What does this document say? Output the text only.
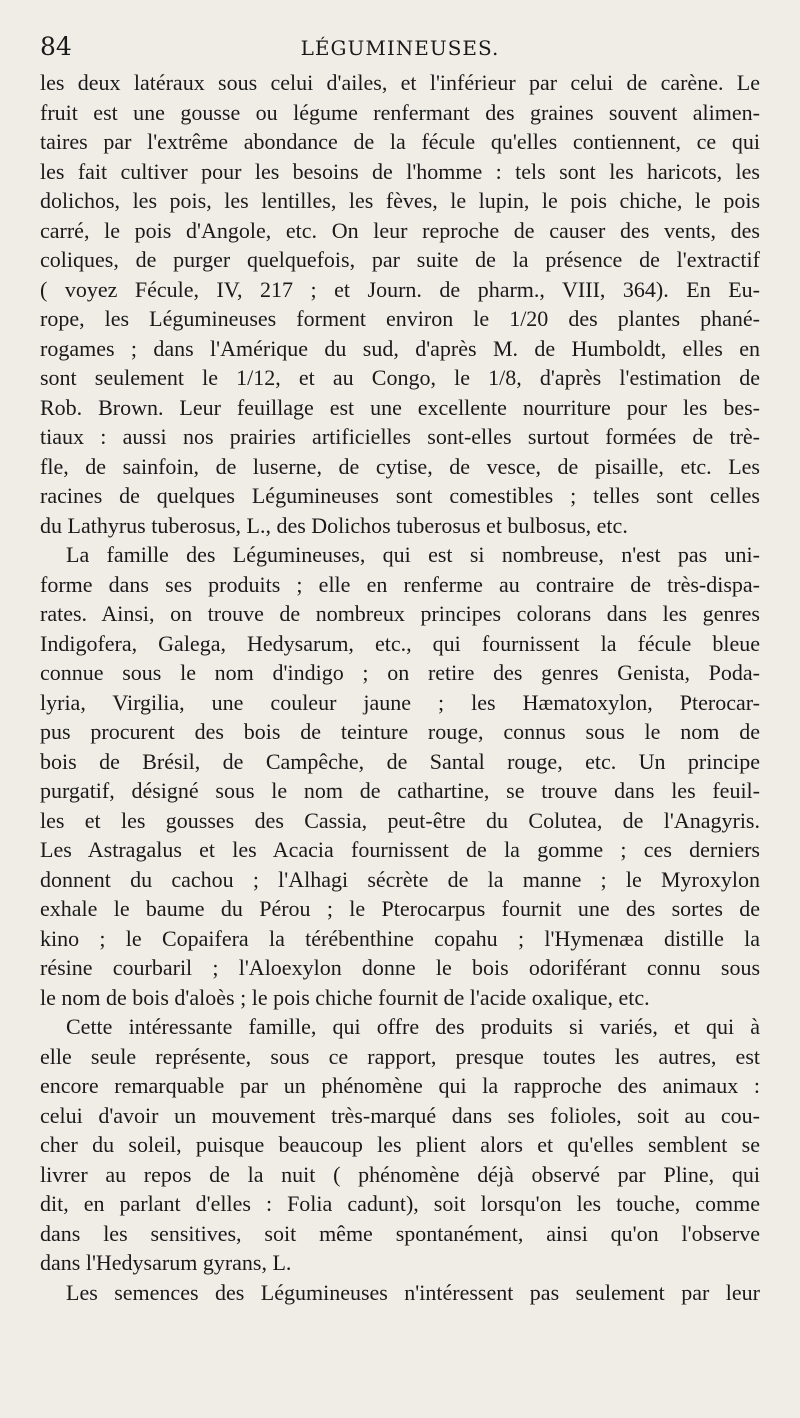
84	LÉGUMINEUSES.
les deux latéraux sous celui d'ailes, et l'inférieur par celui de carène. Le
fruit est une gousse ou légume renfermant des graines souvent alimen-
taires par l'extrême abondance de la fécule qu'elles contiennent, ce qui
les fait cultiver pour les besoins de l'homme : tels sont les haricots, les
dolichos, les pois, les lentilles, les fèves, le lupin, le pois chiche, le pois
carré, le pois d'Angole, etc. On leur reproche de causer des vents, des
coliques, de purger quelquefois, par suite de la présence de l'extractif
( voyez Fécule, IV, 217 ; et Journ. de pharm., VIII, 364). En Eu-
rope, les Légumineuses forment environ le 1/20 des plantes phané-
rogames ; dans l'Amérique du sud, d'après M. de Humboldt, elles en
sont seulement le 1/12, et au Congo, le 1/8, d'après l'estimation de
Rob. Brown. Leur feuillage est une excellente nourriture pour les bes-
tiaux : aussi nos prairies artificielles sont-elles surtout formées de trè-
fle, de sainfoin, de luserne, de cytise, de vesce, de pisaille, etc. Les
racines de quelques Légumineuses sont comestibles ; telles sont celles
du Lathyrus tuberosus, L., des Dolichos tuberosus et bulbosus, etc.
La famille des Légumineuses, qui est si nombreuse, n'est pas uni-
forme dans ses produits ; elle en renferme au contraire de très-dispa-
rates. Ainsi, on trouve de nombreux principes colorans dans les genres
Indigofera, Galega, Hedysarum, etc., qui fournissent la fécule bleue
connue sous le nom d'indigo ; on retire des genres Genista, Poda-
lyria, Virgilia, une couleur jaune ; les Hæmatoxylon, Pterocar-
pus procurent des bois de teinture rouge, connus sous le nom de
bois de Brésil, de Campêche, de Santal rouge, etc. Un principe
purgatif, désigné sous le nom de cathartine, se trouve dans les feuil-
les et les gousses des Cassia, peut-être du Colutea, de l'Anagyris.
Les Astragalus et les Acacia fournissent de la gomme ; ces derniers
donnent du cachou ; l'Alhagi sécrète de la manne ; le Myroxylon
exhale le baume du Pérou ; le Pterocarpus fournit une des sortes de
kino ; le Copaifera la térébenthine copahu ; l'Hymenæa distille la
résine courbaril ; l'Aloexylon donne le bois odoriférant connu sous
le nom de bois d'aloès ; le pois chiche fournit de l'acide oxalique, etc.
Cette intéressante famille, qui offre des produits si variés, et qui à
elle seule représente, sous ce rapport, presque toutes les autres, est
encore remarquable par un phénomène qui la rapproche des animaux :
celui d'avoir un mouvement très-marqué dans ses folioles, soit au cou-
cher du soleil, puisque beaucoup les plient alors et qu'elles semblent se
livrer au repos de la nuit ( phénomène déjà observé par Pline, qui
dit, en parlant d'elles : Folia cadunt), soit lorsqu'on les touche, comme
dans les sensitives, soit même spontanément, ainsi qu'on l'observe
dans l'Hedysarum gyrans, L.
Les semences des Légumineuses n'intéressent pas seulement par leur
